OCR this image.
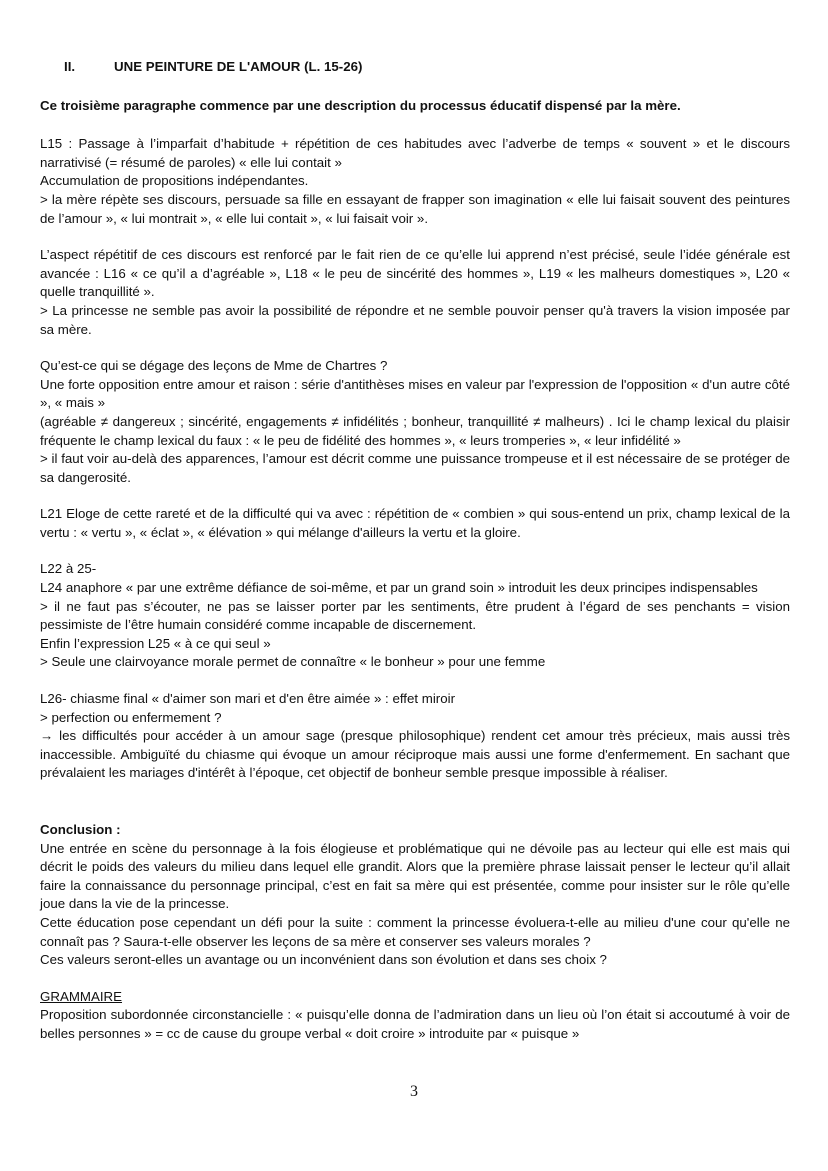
II.	UNE PEINTURE DE L'AMOUR (L. 15-26)

Ce troisième paragraphe commence par une description du processus éducatif dispensé par la mère.

L15 : Passage à l’imparfait d’habitude + répétition de ces habitudes avec l’adverbe de temps « souvent » et le discours narrativisé (= résumé de paroles) « elle lui contait »

Accumulation de propositions indépendantes.

> la mère répète ses discours, persuade sa fille en essayant de frapper son imagination « elle lui faisait souvent des peintures de l’amour », « lui montrait », « elle lui contait », « lui faisait voir ».

L’aspect répétitif de ces discours est renforcé par le fait rien de ce qu’elle lui apprend n’est précisé, seule l’idée générale est avancée : L16 « ce qu’il a d’agréable », L18 « le peu de sincérité des hommes », L19 « les malheurs domestiques », L20 « quelle tranquillité ».

> La princesse ne semble pas avoir la possibilité de répondre et ne semble pouvoir penser qu'à travers la vision imposée par sa mère.

Qu’est-ce qui se dégage des leçons de Mme de Chartres ?

Une forte opposition entre amour et raison : série d'antithèses mises en valeur par l'expression de l'opposition « d'un autre côté », « mais »

(agréable ≠ dangereux ; sincérité, engagements ≠ infidélités ; bonheur, tranquillité ≠ malheurs) . Ici le champ lexical du plaisir fréquente le champ lexical du faux : « le peu de fidélité des hommes », « leurs tromperies », « leur infidélité »

> il faut voir au-delà des apparences, l’amour est décrit comme une puissance trompeuse et il est nécessaire de se protéger de sa dangerosité.

L21 Eloge de cette rareté et de la difficulté qui va avec : répétition de « combien » qui sous-entend un prix, champ lexical de la vertu : « vertu », « éclat », « élévation » qui mélange d'ailleurs la vertu et la gloire.

L22 à 25-

L24 anaphore « par une extrême défiance de soi-même, et par un grand soin » introduit les deux principes indispensables

> il ne faut pas s’écouter, ne pas se laisser porter par les sentiments, être prudent à l’égard de ses penchants = vision pessimiste de l’être humain considéré comme incapable de discernement.

Enfin l’expression L25 « à ce qui seul »

> Seule une clairvoyance morale permet de connaître « le bonheur » pour une femme

L26- chiasme final « d'aimer son mari et d'en être aimée » : effet miroir

> perfection ou enfermement ?

→ les difficultés pour accéder à un amour sage (presque philosophique) rendent cet amour très précieux, mais aussi très inaccessible. Ambiguïté du chiasme qui évoque un amour réciproque mais aussi une forme d'enfermement. En sachant que prévalaient les mariages d'intérêt à l’époque, cet objectif de bonheur semble presque impossible à réaliser.

Conclusion :

Une entrée en scène du personnage à la fois élogieuse et problématique qui ne dévoile pas au lecteur qui elle est mais qui décrit le poids des valeurs du milieu dans lequel elle grandit. Alors que la première phrase laissait penser le lecteur qu’il allait faire la connaissance du personnage principal, c’est en fait sa mère qui est présentée, comme pour insister sur le rôle qu’elle joue dans la vie de la princesse.

Cette éducation pose cependant un défi pour la suite : comment la princesse évoluera-t-elle au milieu d'une cour qu'elle ne connaît pas ? Saura-t-elle observer les leçons de sa mère et conserver ses valeurs morales ?

Ces valeurs seront-elles un avantage ou un inconvénient dans son évolution et dans ses choix ?

GRAMMAIRE

Proposition subordonnée circonstancielle : « puisqu’elle donna de l’admiration dans un lieu où l’on était si accoutumé à voir de belles personnes » = cc de cause du groupe verbal « doit croire » introduite par « puisque »

3
